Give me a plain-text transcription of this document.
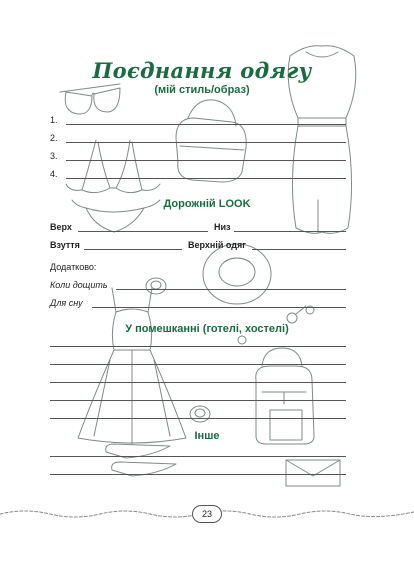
Поєднання одягу
(мій стиль/образ)
1.
2.
3.
4.
Дорожній LOOK
Верх	Низ
Взуття	Верхній одяг
Додатково:
Коли дощить
Для сну
У помешканні (готелі, хостелі)
Інше
23
